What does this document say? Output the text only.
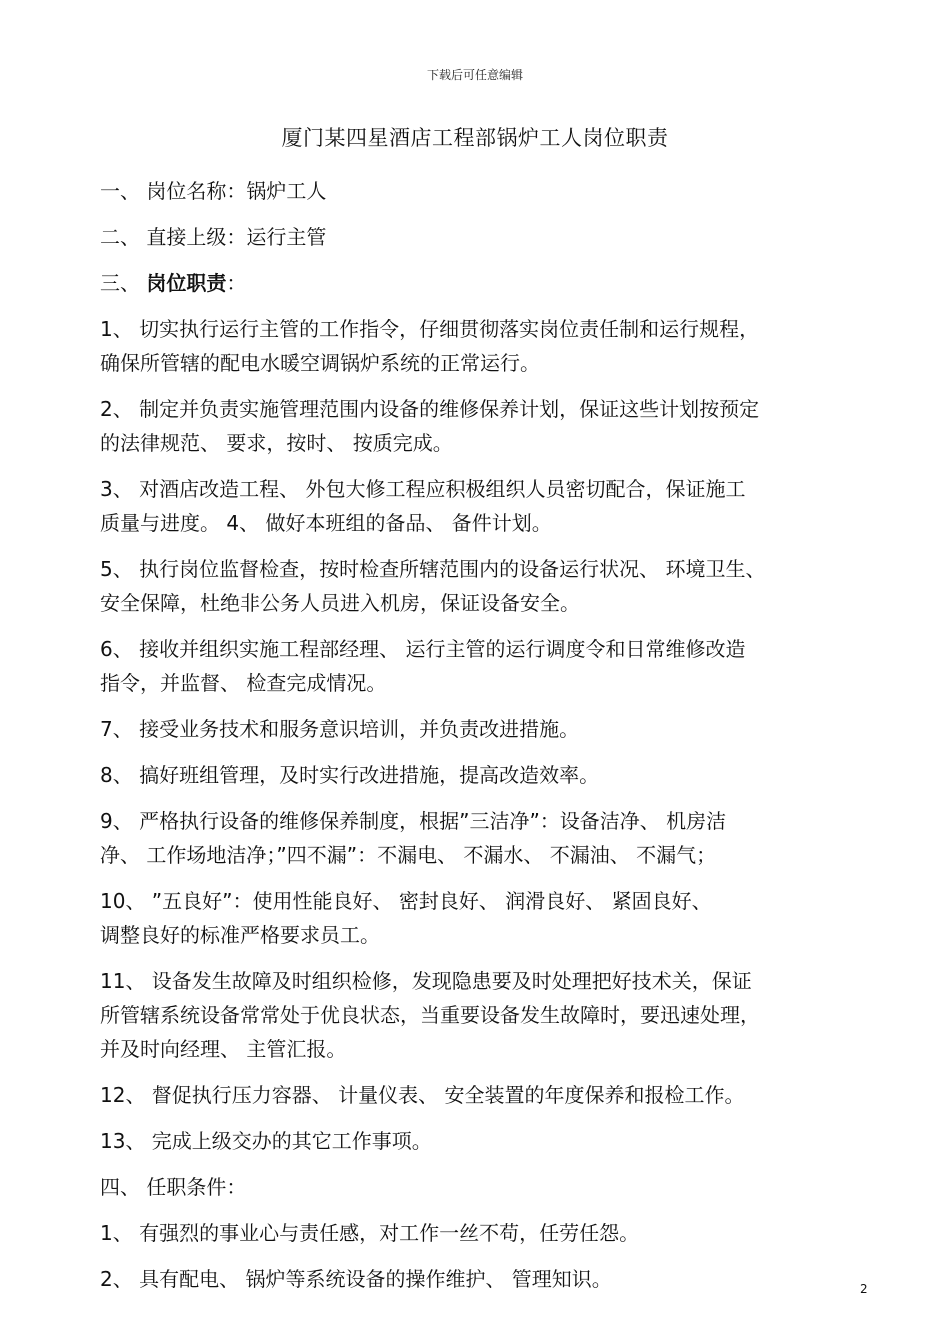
下载后可任意编辑
厦门某四星酒店工程部锅炉工人岗位职责
一、 岗位名称：锅炉工人
二、 直接上级：运行主管
三、 岗位职责：
1、 切实执行运行主管的工作指令，仔细贯彻落实岗位责任制和运行规程，
确保所管辖的配电水暖空调锅炉系统的正常运行。
2、 制定并负责实施管理范围内设备的维修保养计划，保证这些计划按预定
的法律规范、 要求，按时、 按质完成。
3、 对酒店改造工程、 外包大修工程应积极组织人员密切配合，保证施工
质量与进度。 4、 做好本班组的备品、 备件计划。
5、 执行岗位监督检查，按时检查所辖范围内的设备运行状况、 环境卫生、
安全保障，杜绝非公务人员进入机房，保证设备安全。
6、 接收并组织实施工程部经理、 运行主管的运行调度令和日常维修改造
指令，并监督、 检查完成情况。
7、 接受业务技术和服务意识培训，并负责改进措施。
8、 搞好班组管理，及时实行改进措施，提高改造效率。
9、 严格执行设备的维修保养制度，根据”三洁净”：设备洁净、 机房洁
净、 工作场地洁净；”四不漏”：不漏电、 不漏水、 不漏油、 不漏气；
10、 ”五良好”：使用性能良好、 密封良好、 润滑良好、 紧固良好、
调整良好的标准严格要求员工。
11、 设备发生故障及时组织检修，发现隐患要及时处理把好技术关，保证
所管辖系统设备常常处于优良状态，当重要设备发生故障时，要迅速处理，
并及时向经理、 主管汇报。
12、 督促执行压力容器、 计量仪表、 安全装置的年度保养和报检工作。
13、 完成上级交办的其它工作事项。
四、 任职条件：
1、 有强烈的事业心与责任感，对工作一丝不苟，任劳任怨。
2、 具有配电、 锅炉等系统设备的操作维护、 管理知识。	2
